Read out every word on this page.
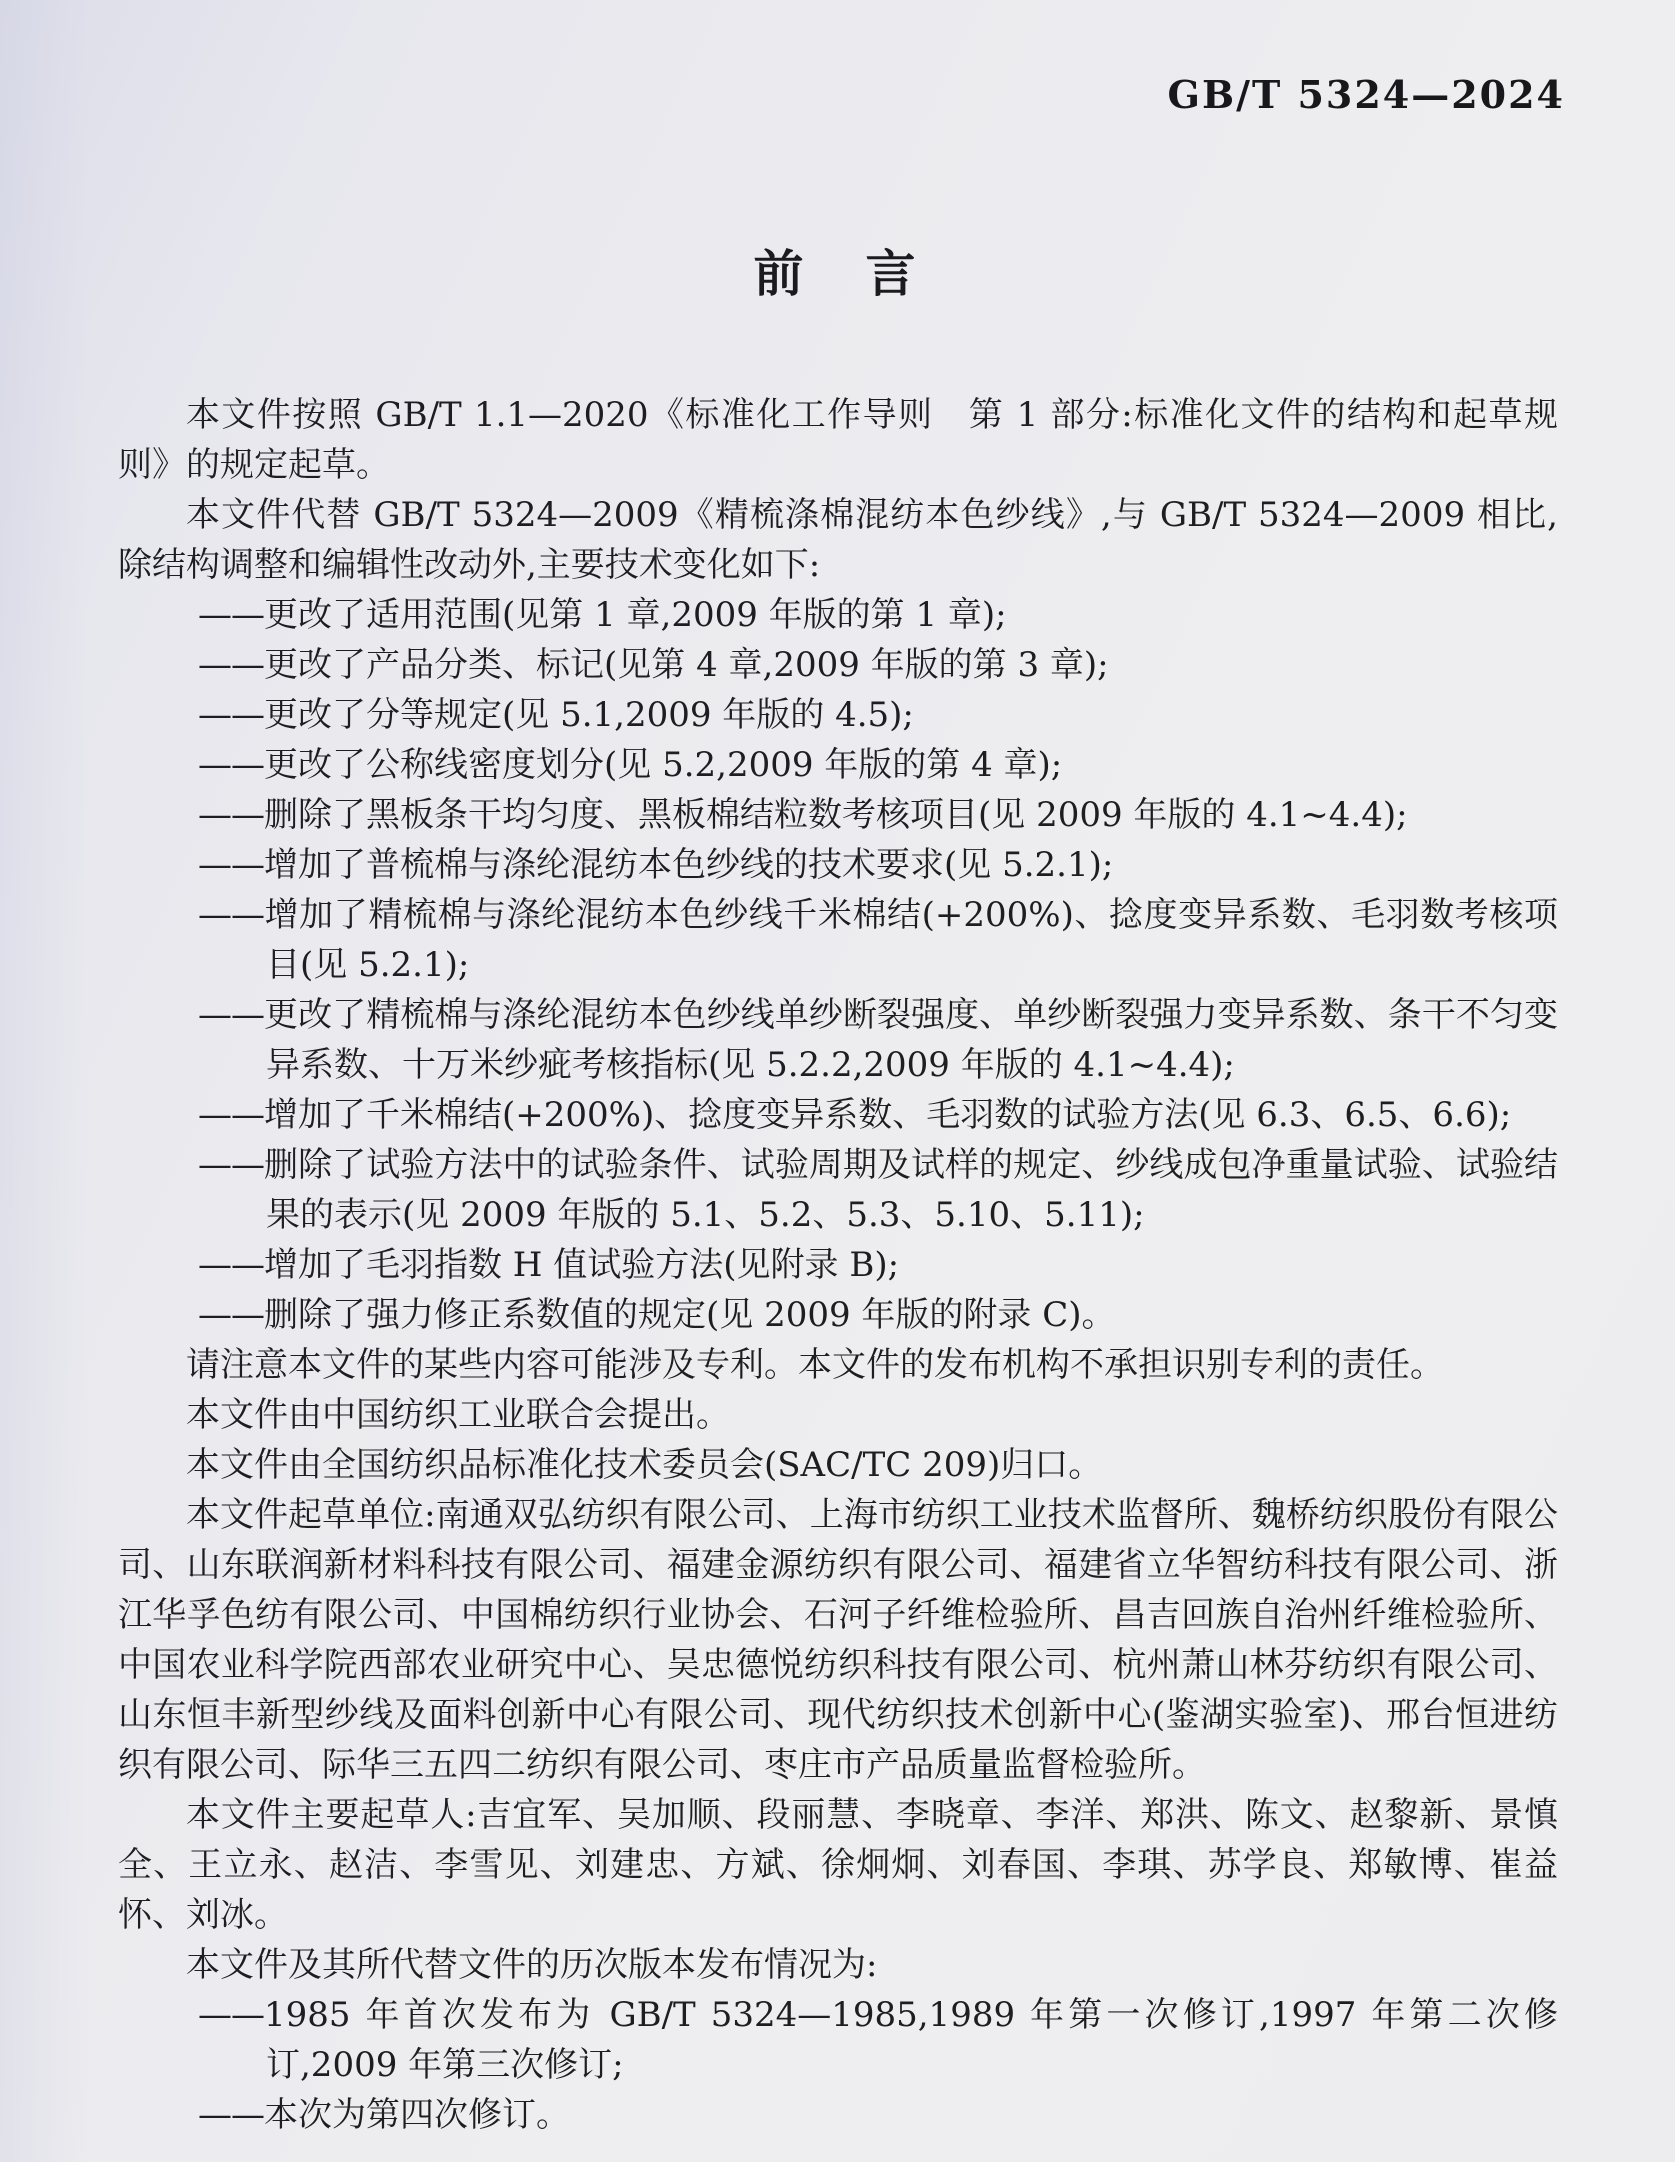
GB/T 5324—2024
前　言
本文件按照 GB/T 1.1—2020《标准化工作导则　第 1 部分:标准化文件的结构和起草规则》的规定起草。
本文件代替 GB/T 5324—2009《精梳涤棉混纺本色纱线》,与 GB/T 5324—2009 相比,除结构调整和编辑性改动外,主要技术变化如下:
——更改了适用范围(见第 1 章,2009 年版的第 1 章);
——更改了产品分类、标记(见第 4 章,2009 年版的第 3 章);
——更改了分等规定(见 5.1,2009 年版的 4.5);
——更改了公称线密度划分(见 5.2,2009 年版的第 4 章);
——删除了黑板条干均匀度、黑板棉结粒数考核项目(见 2009 年版的 4.1~4.4);
——增加了普梳棉与涤纶混纺本色纱线的技术要求(见 5.2.1);
——增加了精梳棉与涤纶混纺本色纱线千米棉结(+200%)、捻度变异系数、毛羽数考核项目(见 5.2.1);
——更改了精梳棉与涤纶混纺本色纱线单纱断裂强度、单纱断裂强力变异系数、条干不匀变异系数、十万米纱疵考核指标(见 5.2.2,2009 年版的 4.1~4.4);
——增加了千米棉结(+200%)、捻度变异系数、毛羽数的试验方法(见 6.3、6.5、6.6);
——删除了试验方法中的试验条件、试验周期及试样的规定、纱线成包净重量试验、试验结果的表示(见 2009 年版的 5.1、5.2、5.3、5.10、5.11);
——增加了毛羽指数 H 值试验方法(见附录 B);
——删除了强力修正系数值的规定(见 2009 年版的附录 C)。
请注意本文件的某些内容可能涉及专利。本文件的发布机构不承担识别专利的责任。
本文件由中国纺织工业联合会提出。
本文件由全国纺织品标准化技术委员会(SAC/TC 209)归口。
本文件起草单位:南通双弘纺织有限公司、上海市纺织工业技术监督所、魏桥纺织股份有限公司、山东联润新材料科技有限公司、福建金源纺织有限公司、福建省立华智纺科技有限公司、浙江华孚色纺有限公司、中国棉纺织行业协会、石河子纤维检验所、昌吉回族自治州纤维检验所、中国农业科学院西部农业研究中心、吴忠德悦纺织科技有限公司、杭州萧山林芬纺织有限公司、山东恒丰新型纱线及面料创新中心有限公司、现代纺织技术创新中心(鉴湖实验室)、邢台恒进纺织有限公司、际华三五四二纺织有限公司、枣庄市产品质量监督检验所。
本文件主要起草人:吉宜军、吴加顺、段丽慧、李晓章、李洋、郑洪、陈文、赵黎新、景慎全、王立永、赵洁、李雪见、刘建忠、方斌、徐炯炯、刘春国、李琪、苏学良、郑敏博、崔益怀、刘冰。
本文件及其所代替文件的历次版本发布情况为:
——1985 年首次发布为 GB/T 5324—1985,1989 年第一次修订,1997 年第二次修订,2009 年第三次修订;
——本次为第四次修订。
